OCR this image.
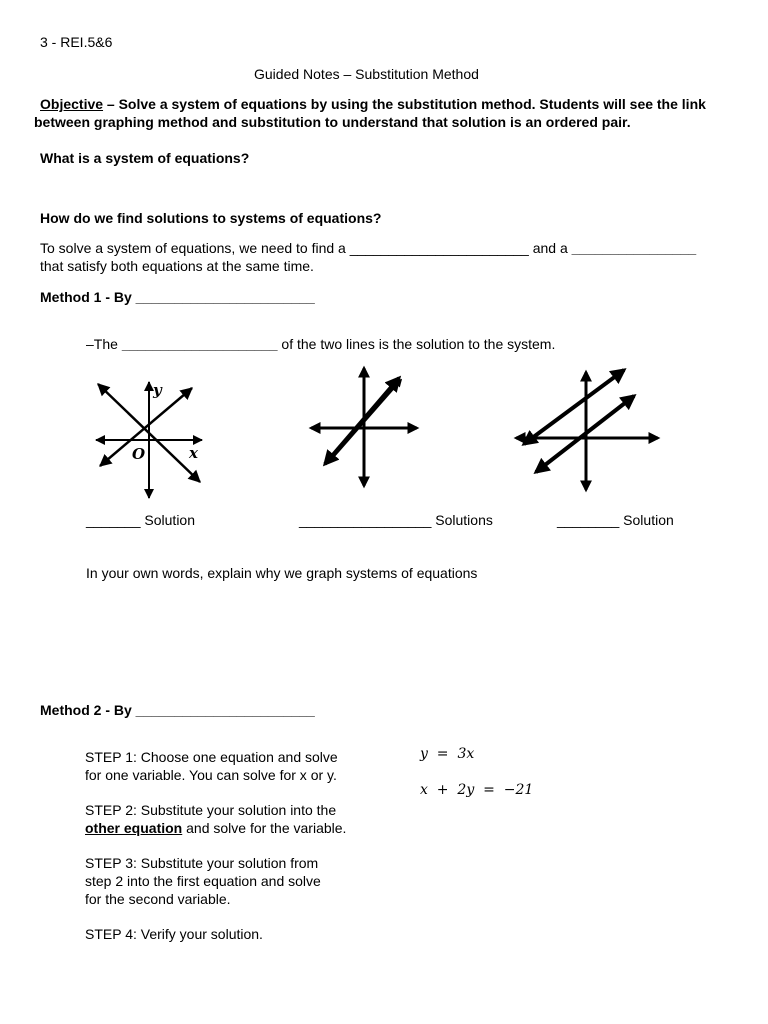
3 - REI.5&6
Guided Notes – Substitution Method
Objective – Solve a system of equations by using the substitution method. Students will see the link
between graphing method and substitution to understand that solution is an ordered pair.
What is a system of equations?
How do we find solutions to systems of equations?
To solve a system of equations, we need to find a _______________________ and a ________________
that satisfy both equations at the same time.
Method 1 - By _______________________
–The ____________________ of the two lines is the solution to the system.
y
x
O
_______ Solution	_________________ Solutions	________ Solution
In your own words, explain why we graph systems of equations
Method 2 - By _______________________
STEP 1: Choose one equation and solve
for one variable. You can solve for x or y.
STEP 2: Substitute your solution into the
other equation and solve for the variable.
STEP 3: Substitute your solution from
step 2 into the first equation and solve
for the second variable.
STEP 4: Verify your solution.
y  =  3x
x  +  2y  =  −21
